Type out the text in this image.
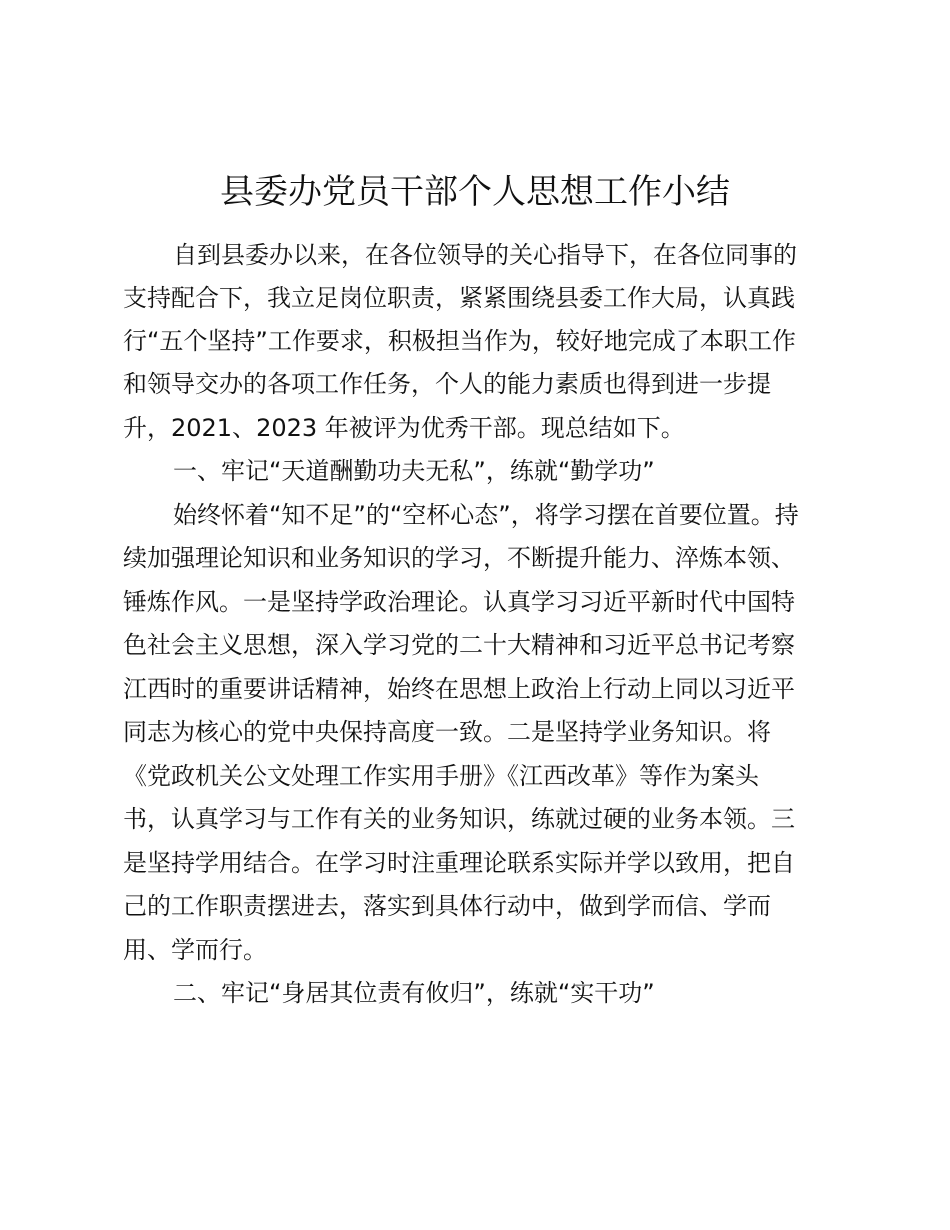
县委办党员干部个人思想工作小结

自到县委办以来，在各位领导的关心指导下，在各位同事的

支持配合下，我立足岗位职责，紧紧围绕县委工作大局，认真践

行“五个坚持”工作要求，积极担当作为，较好地完成了本职工作

和领导交办的各项工作任务，个人的能力素质也得到进一步提

升，2021、2023 年被评为优秀干部。现总结如下。

一、牢记“天道酬勤功夫无私”，练就“勤学功”

始终怀着“知不足”的“空杯心态”，将学习摆在首要位置。持

续加强理论知识和业务知识的学习，不断提升能力、淬炼本领、

锤炼作风。一是坚持学政治理论。认真学习习近平新时代中国特

色社会主义思想，深入学习党的二十大精神和习近平总书记考察

江西时的重要讲话精神，始终在思想上政治上行动上同以习近平

同志为核心的党中央保持高度一致。二是坚持学业务知识。将

《党政机关公文处理工作实用手册》《江西改革》等作为案头

书，认真学习与工作有关的业务知识，练就过硬的业务本领。三

是坚持学用结合。在学习时注重理论联系实际并学以致用，把自

己的工作职责摆进去，落实到具体行动中，做到学而信、学而

用、学而行。

二、牢记“身居其位责有攸归”，练就“实干功”
